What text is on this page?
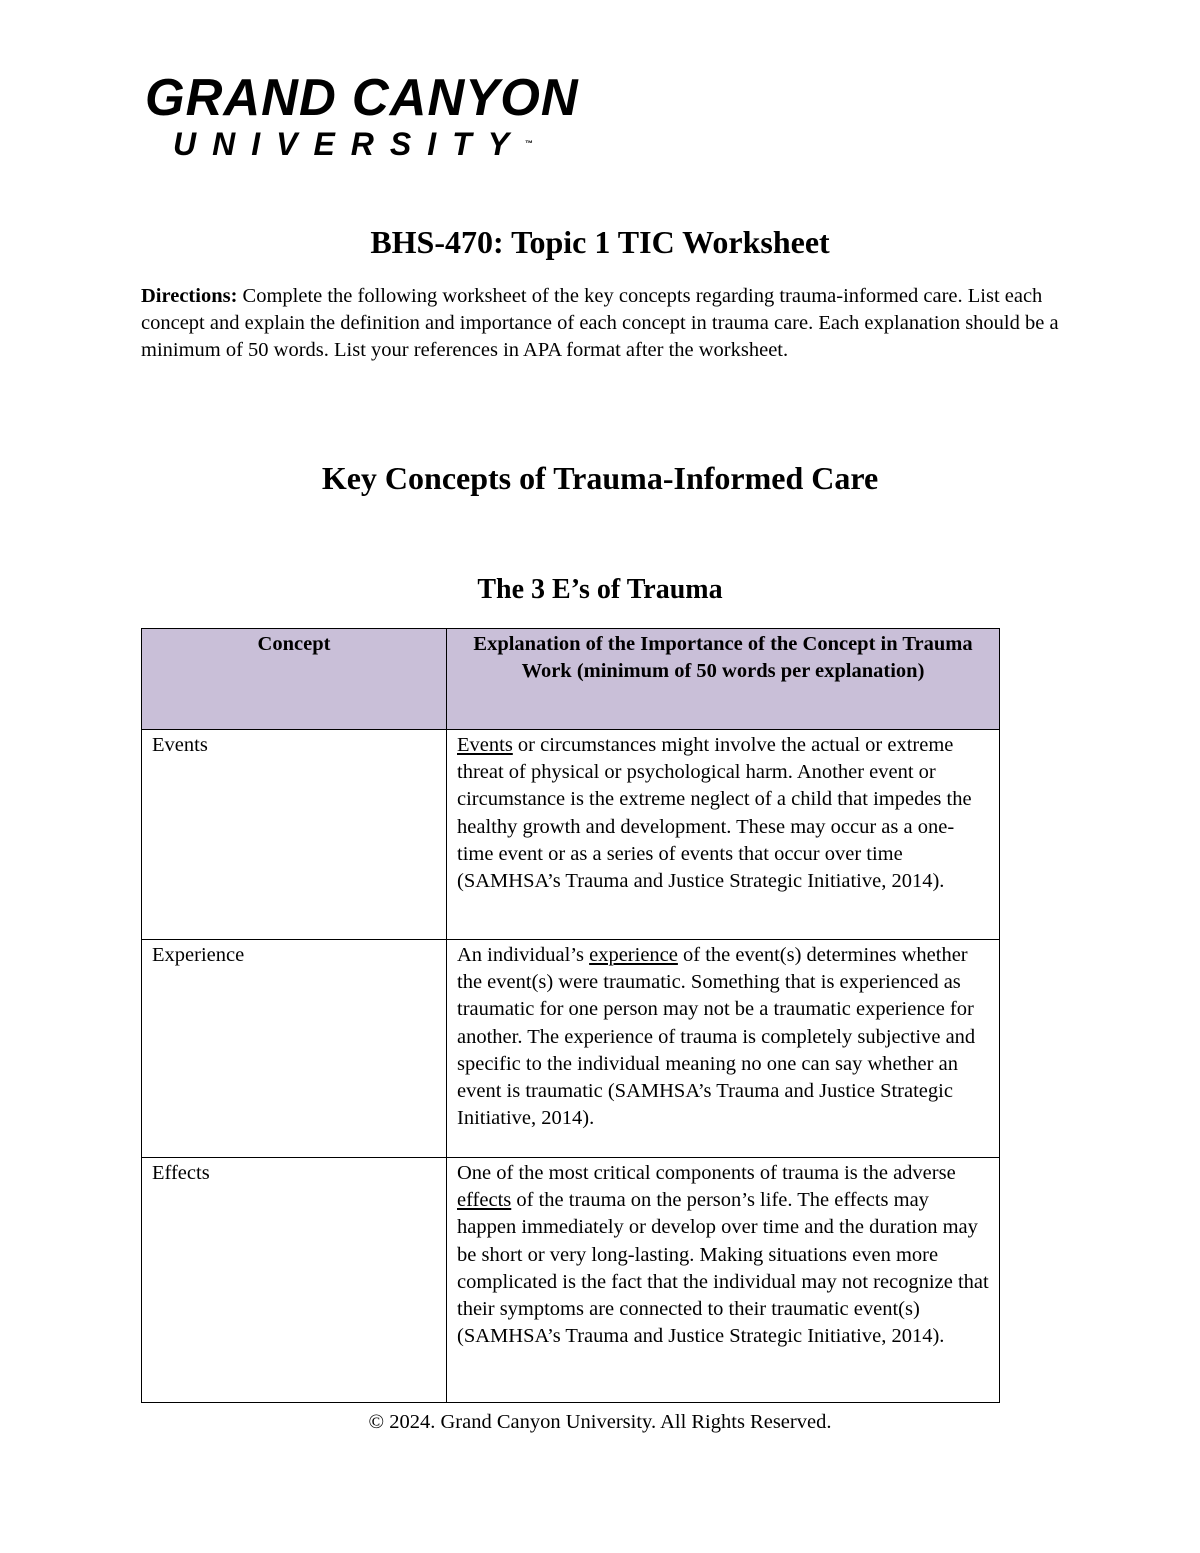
GRAND CANYON
UNIVERSITY™
BHS-470: Topic 1 TIC Worksheet
Directions: Complete the following worksheet of the key concepts regarding trauma-informed care. List each concept and explain the definition and importance of each concept in trauma care. Each explanation should be a minimum of 50 words. List your references in APA format after the worksheet.
Key Concepts of Trauma-Informed Care
The 3 E’s of Trauma
Concept	Explanation of the Importance of the Concept in Trauma Work (minimum of 50 words per explanation)
Events	Events or circumstances might involve the actual or extreme threat of physical or psychological harm. Another event or circumstance is the extreme neglect of a child that impedes the healthy growth and development. These may occur as a one-time event or as a series of events that occur over time (SAMHSA’s Trauma and Justice Strategic Initiative, 2014).
Experience	An individual’s experience of the event(s) determines whether the event(s) were traumatic. Something that is experienced as traumatic for one person may not be a traumatic experience for another. The experience of trauma is completely subjective and specific to the individual meaning no one can say whether an event is traumatic (SAMHSA’s Trauma and Justice Strategic Initiative, 2014).
Effects	One of the most critical components of trauma is the adverse effects of the trauma on the person’s life. The effects may happen immediately or develop over time and the duration may be short or very long-lasting. Making situations even more complicated is the fact that the individual may not recognize that their symptoms are connected to their traumatic event(s) (SAMHSA’s Trauma and Justice Strategic Initiative, 2014).
© 2024. Grand Canyon University. All Rights Reserved.
